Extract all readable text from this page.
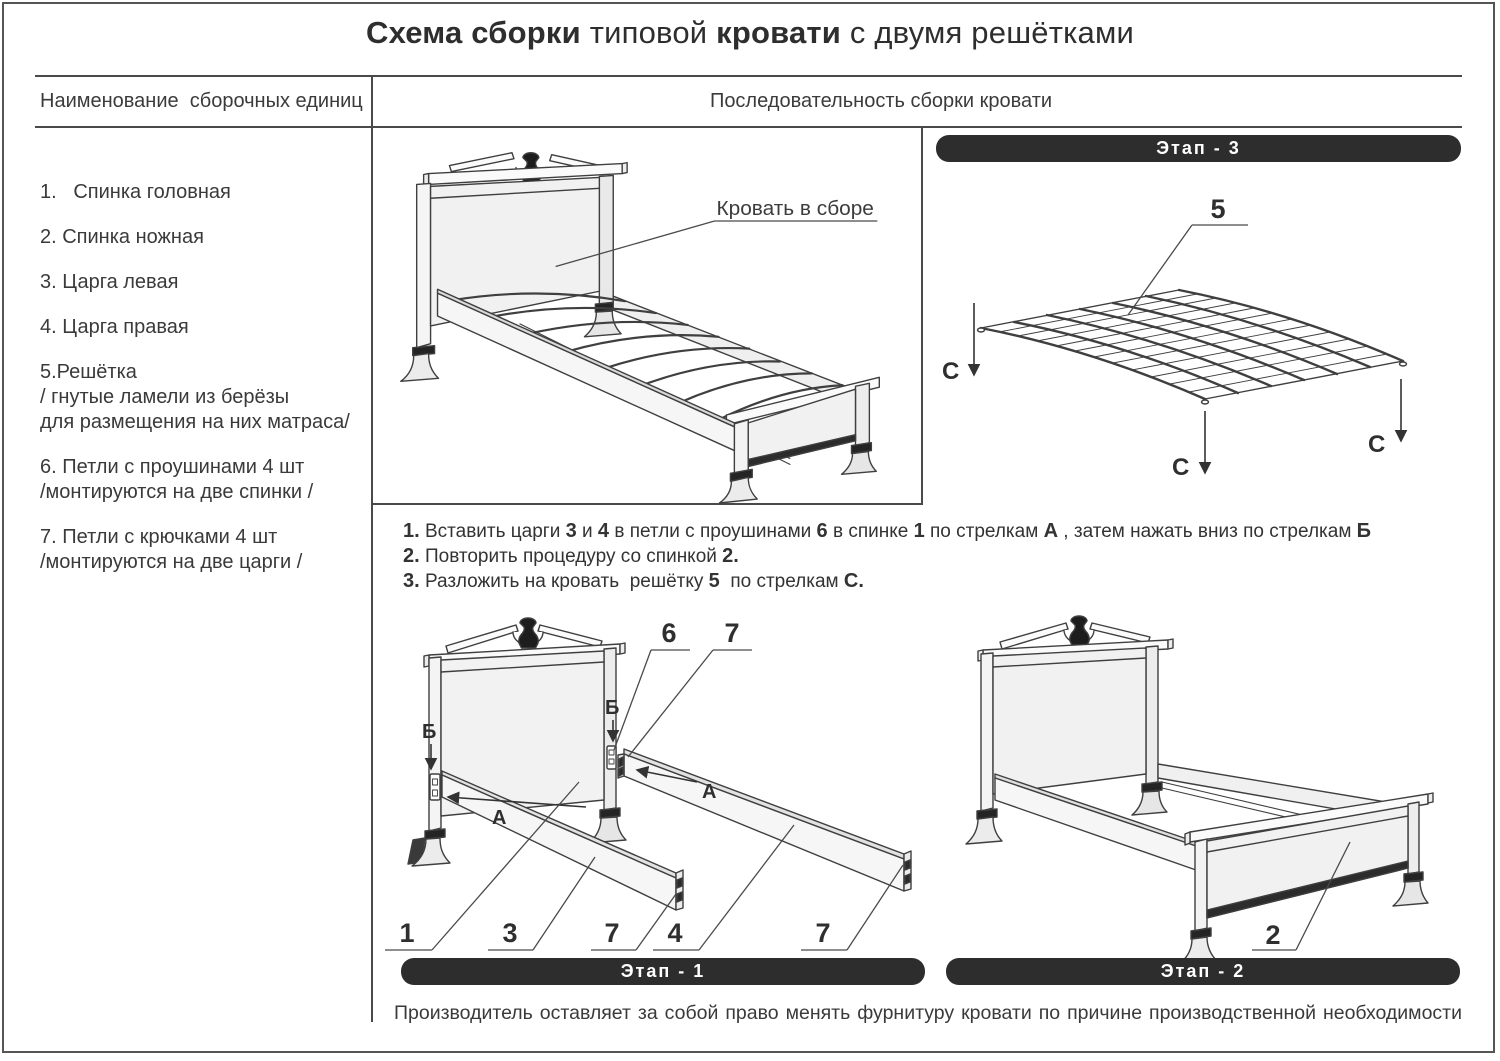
Схема сборки типовой кровати с двумя решётками
Наименование  сборочных единиц	Последовательность сборки кровати
1.   Спинка головная
2. Спинка ножная
3. Царга левая
4. Царга правая
5.Решётка
/ гнутые ламели из берёзы
для размещения на них матраса/
6. Петли с проушинами 4 шт
/монтируются на две спинки /
7. Петли с крючками 4 шт
/монтируются на две царги /
Кровать в сборе
Этап - 3
С
С
С
5
1. Вставить царги 3 и 4 в петли с проушинами 6 в спинке 1 по стрелкам А , затем нажать вниз по стрелкам Б
2. Повторить процедуру со спинкой 2.
3. Разложить на кровать  решётку 5  по стрелкам С.
Б
Б
А
А
6 7
1	3	7 4	7	2
Этап - 1	Этап - 2
Производитель оставляет за собой право менять фурнитуру кровати по причине производственной необходимости
